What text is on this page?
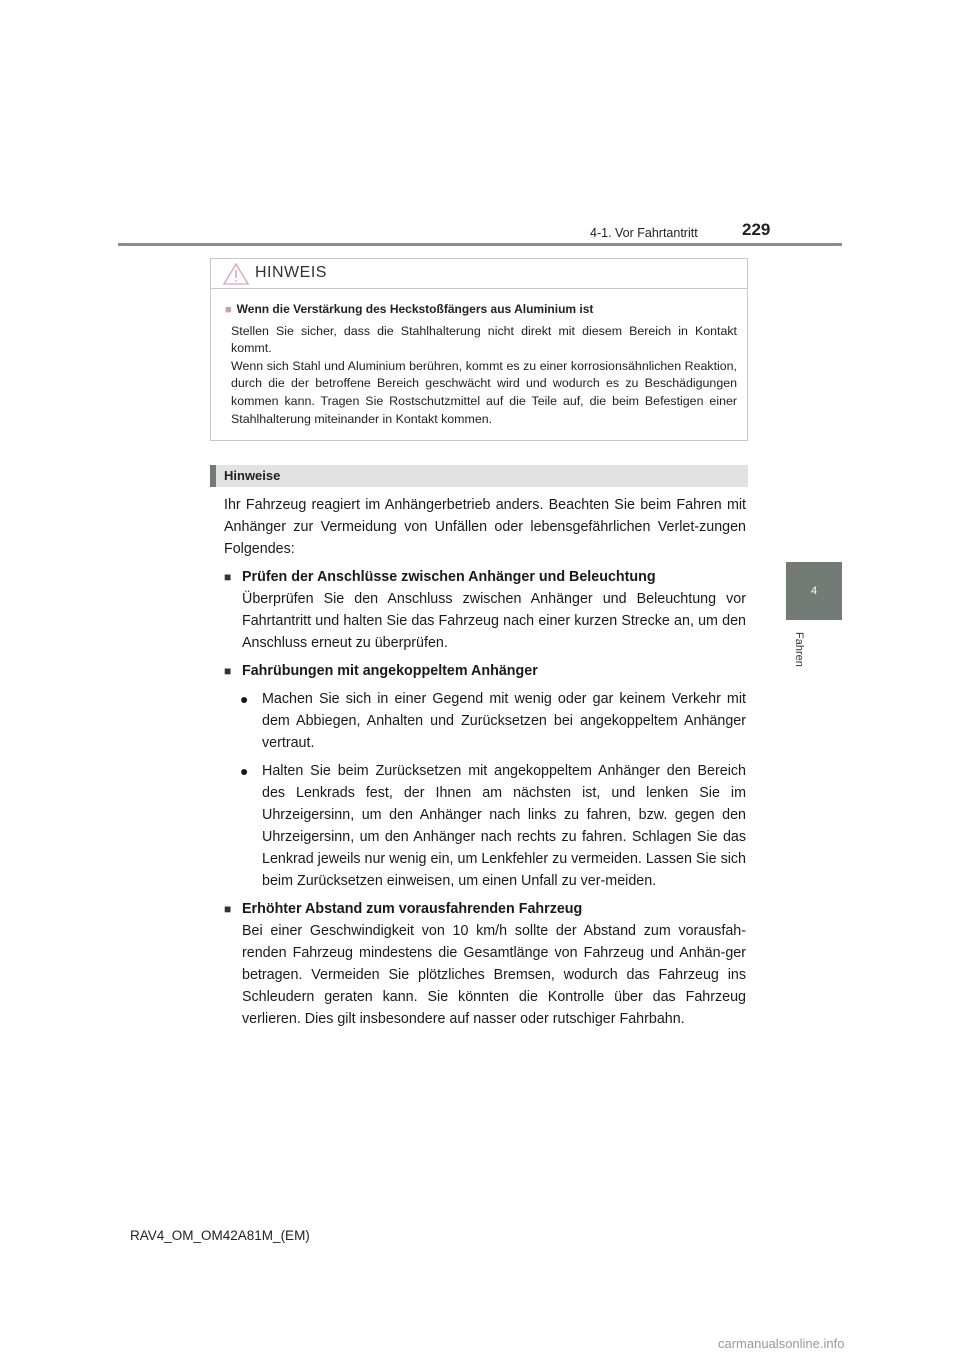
4-1. Vor Fahrtantritt	229
4
Fahren
HINWEIS
■ Wenn die Verstärkung des Heckstoßfängers aus Aluminium ist

Stellen Sie sicher, dass die Stahlhalterung nicht direkt mit diesem Bereich in Kontakt kommt.

Wenn sich Stahl und Aluminium berühren, kommt es zu einer korrosionsähnlichen Reaktion, durch die der betroffene Bereich geschwächt wird und wodurch es zu Beschädigungen kommen kann. Tragen Sie Rostschutzmittel auf die Teile auf, die beim Befestigen einer Stahlhalterung miteinander in Kontakt kommen.

Hinweise

Ihr Fahrzeug reagiert im Anhängerbetrieb anders. Beachten Sie beim Fahren mit Anhänger zur Vermeidung von Unfällen oder lebensgefährlichen Verlet-zungen Folgendes:

■ Prüfen der Anschlüsse zwischen Anhänger und Beleuchtung

Überprüfen Sie den Anschluss zwischen Anhänger und Beleuchtung vor Fahrtantritt und halten Sie das Fahrzeug nach einer kurzen Strecke an, um den Anschluss erneut zu überprüfen.

■ Fahrübungen mit angekoppeltem Anhänger
● Machen Sie sich in einer Gegend mit wenig oder gar keinem Verkehr mit dem Abbiegen, Anhalten und Zurücksetzen bei angekoppeltem Anhänger vertraut.

● Halten Sie beim Zurücksetzen mit angekoppeltem Anhänger den Bereich des Lenkrads fest, der Ihnen am nächsten ist, und lenken Sie im Uhrzeigersinn, um den Anhänger nach links zu fahren, bzw. gegen den Uhrzeigersinn, um den Anhänger nach rechts zu fahren. Schlagen Sie das Lenkrad jeweils nur wenig ein, um Lenkfehler zu vermeiden. Lassen Sie sich beim Zurücksetzen einweisen, um einen Unfall zu ver-meiden.

■ Erhöhter Abstand zum vorausfahrenden Fahrzeug

Bei einer Geschwindigkeit von 10 km/h sollte der Abstand zum vorausfah-renden Fahrzeug mindestens die Gesamtlänge von Fahrzeug und Anhän-ger betragen. Vermeiden Sie plötzliches Bremsen, wodurch das Fahrzeug ins Schleudern geraten kann. Sie könnten die Kontrolle über das Fahrzeug verlieren. Dies gilt insbesondere auf nasser oder rutschiger Fahrbahn.

RAV4_OM_OM42A81M_(EM)
carmanualsonline.info
